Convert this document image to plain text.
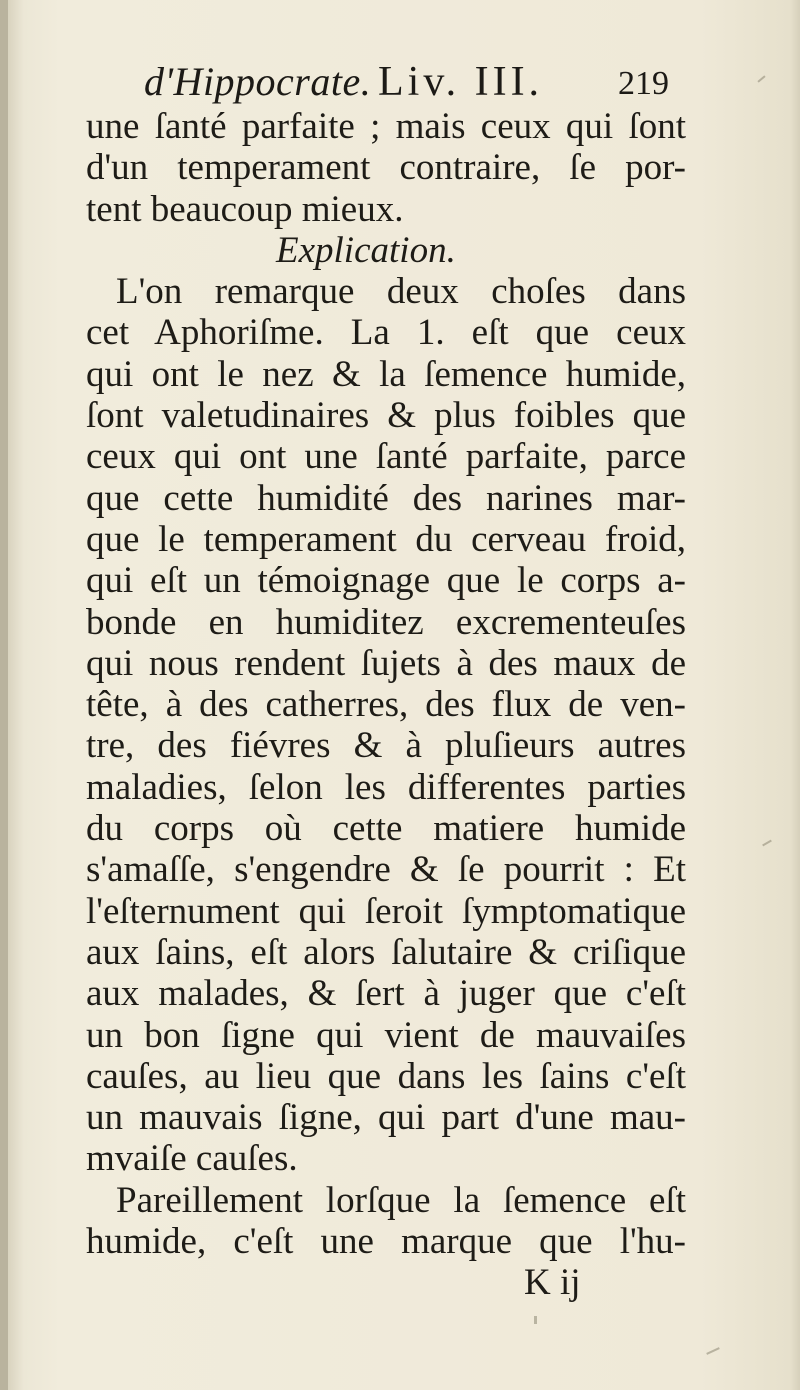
d'Hippocrate. Liv. III. 219
une ſanté parfaite ; mais ceux qui ſont
d'un temperament contraire, ſe por-
tent beaucoup mieux.
Explication.
L'on remarque deux choſes dans
cet Aphoriſme. La 1. eſt que ceux
qui ont le nez & la ſemence humide,
ſont valetudinaires & plus foibles que
ceux qui ont une ſanté parfaite, parce
que cette humidité des narines mar-
que le temperament du cerveau froid,
qui eſt un témoignage que le corps a-
bonde en humiditez excrementeuſes
qui nous rendent ſujets à des maux de
tête, à des catherres, des flux de ven-
tre, des fiévres & à pluſieurs autres
maladies, ſelon les differentes parties
du corps où cette matiere humide
s'amaſſe, s'engendre & ſe pourrit : Et
l'eſternument qui ſeroit ſymptomatique
aux ſains, eſt alors ſalutaire & criſique
aux malades, & ſert à juger que c'eſt
un bon ſigne qui vient de mauvaiſes
cauſes, au lieu que dans les ſains c'eſt
un mauvais ſigne, qui part d'une mau-
mvaiſe cauſes.
Pareillement lorſque la ſemence eſt
humide, c'eſt une marque que l'hu-
K ij
